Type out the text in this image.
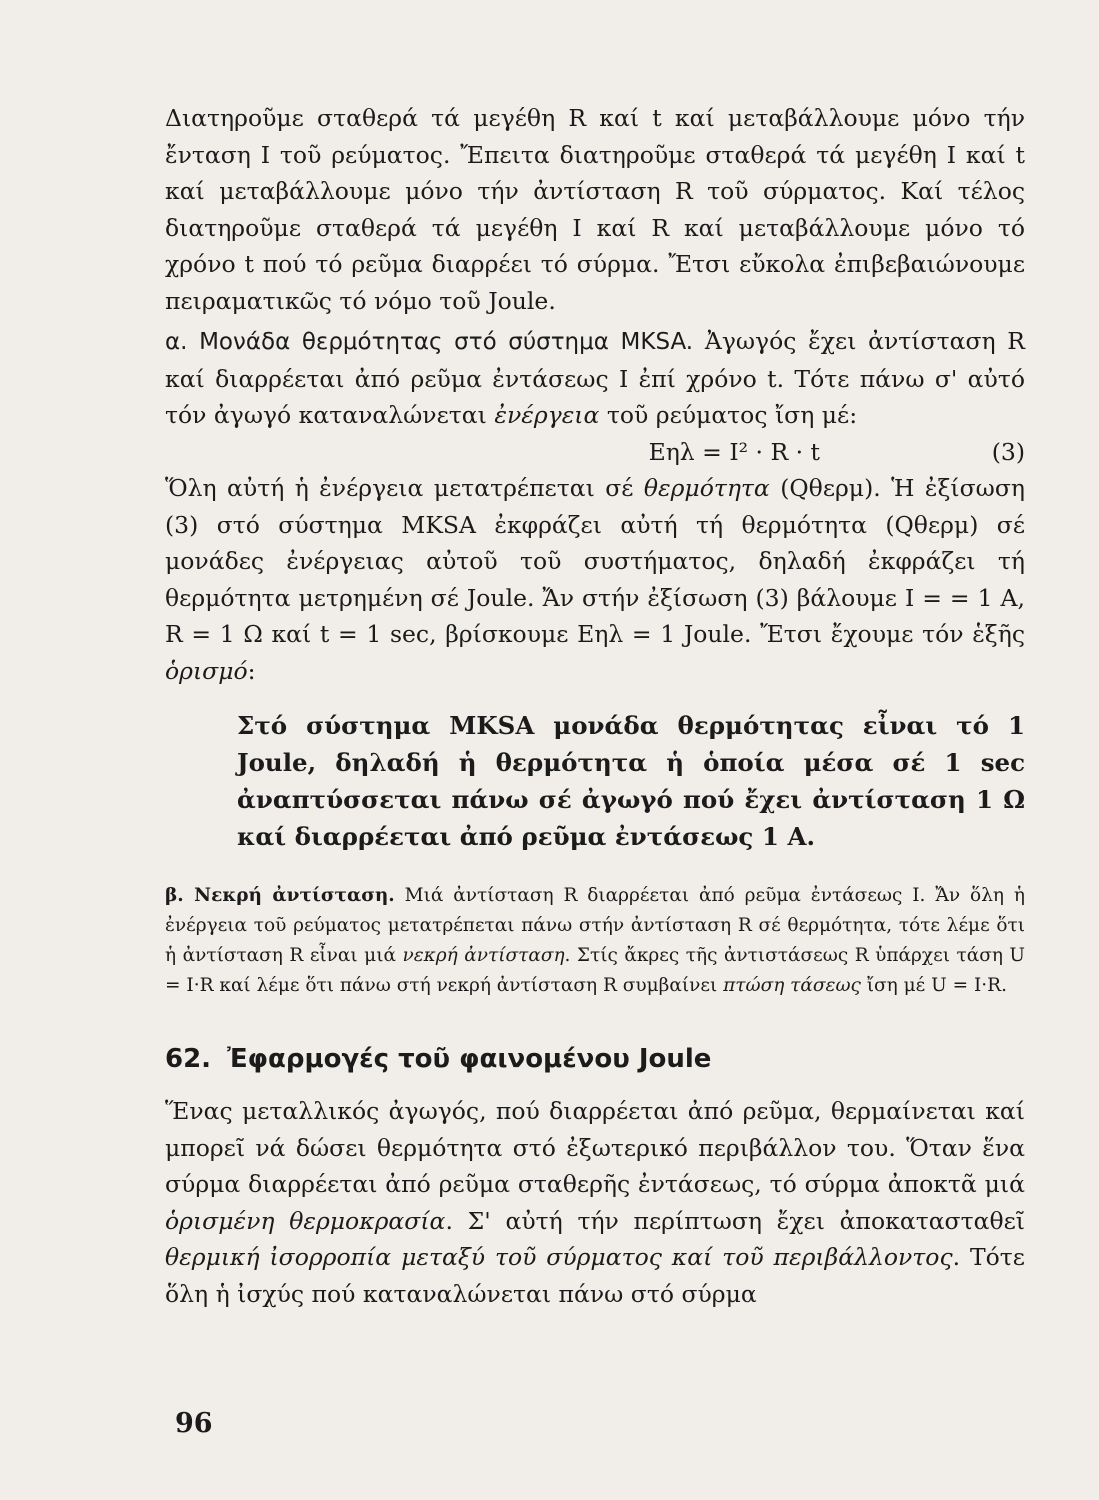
Διατηροῦμε σταθερά τά μεγέθη R καί t καί μεταβάλλουμε μόνο τήν ἔνταση I τοῦ ρεύματος. Ἔπειτα διατηροῦμε σταθερά τά μεγέθη I καί t καί μεταβάλλουμε μόνο τήν ἀντίσταση R τοῦ σύρματος. Καί τέλος διατηροῦμε σταθερά τά μεγέθη I καί R καί μεταβάλλουμε μόνο τό χρόνο t πού τό ρεῦμα διαρρέει τό σύρμα. Ἔτσι εὔκολα ἐπιβεβαιώνουμε πειραματικῶς τό νόμο τοῦ Joule.

α. Μονάδα θερμότητας στό σύστημα MKSA. Ἀγωγός ἔχει ἀντίσταση R καί διαρρέεται ἀπό ρεῦμα ἐντάσεως I ἐπί χρόνο t. Τότε πάνω σ' αὐτό τόν ἀγωγό καταναλώνεται ἐνέργεια τοῦ ρεύματος ἴση μέ:

Eηλ = I² · R · t	(3)

Ὅλη αὐτή ἡ ἐνέργεια μετατρέπεται σέ θερμότητα (Qθερμ). Ἡ ἐξίσωση (3) στό σύστημα MKSA ἐκφράζει αὐτή τή θερμότητα (Qθερμ) σέ μονάδες ἐνέργειας αὐτοῦ τοῦ συστήματος, δηλαδή ἐκφράζει τή θερμότητα μετρημένη σέ Joule. Ἄν στήν ἐξίσωση (3) βάλουμε I = = 1 A, R = 1 Ω καί t = 1 sec, βρίσκουμε Eηλ = 1 Joule. Ἔτσι ἔχουμε τόν ἑξῆς ὁρισμό:

Στό σύστημα MKSA μονάδα θερμότητας εἶναι τό 1 Joule, δηλαδή ἡ θερμότητα ἡ ὁποία μέσα σέ 1 sec ἀναπτύσσεται πάνω σέ ἀγωγό πού ἔχει ἀντίσταση 1 Ω καί διαρρέεται ἀπό ρεῦμα ἐντάσεως 1 A.

β. Νεκρή ἀντίσταση. Μιά ἀντίσταση R διαρρέεται ἀπό ρεῦμα ἐντάσεως I. Ἄν ὅλη ἡ ἐνέργεια τοῦ ρεύματος μετατρέπεται πάνω στήν ἀντίσταση R σέ θερμότητα, τότε λέμε ὅτι ἡ ἀντίσταση R εἶναι μιά νεκρή ἀντίσταση. Στίς ἄκρες τῆς ἀντιστάσεως R ὑπάρχει τάση U = I·R καί λέμε ὅτι πάνω στή νεκρή ἀντίσταση R συμβαίνει πτώση τάσεως ἴση μέ U = I·R.

62. Ἐφαρμογές τοῦ φαινομένου Joule

Ἕνας μεταλλικός ἀγωγός, πού διαρρέεται ἀπό ρεῦμα, θερμαίνεται καί μπορεῖ νά δώσει θερμότητα στό ἐξωτερικό περιβάλλον του. Ὅταν ἕνα σύρμα διαρρέεται ἀπό ρεῦμα σταθερῆς ἐντάσεως, τό σύρμα ἀποκτᾶ μιά ὁρισμένη θερμοκρασία. Σ' αὐτή τήν περίπτωση ἔχει ἀποκατασταθεῖ θερμική ἰσορροπία μεταξύ τοῦ σύρματος καί τοῦ περιβάλλοντος. Τότε ὅλη ἡ ἰσχύς πού καταναλώνεται πάνω στό σύρμα

96
